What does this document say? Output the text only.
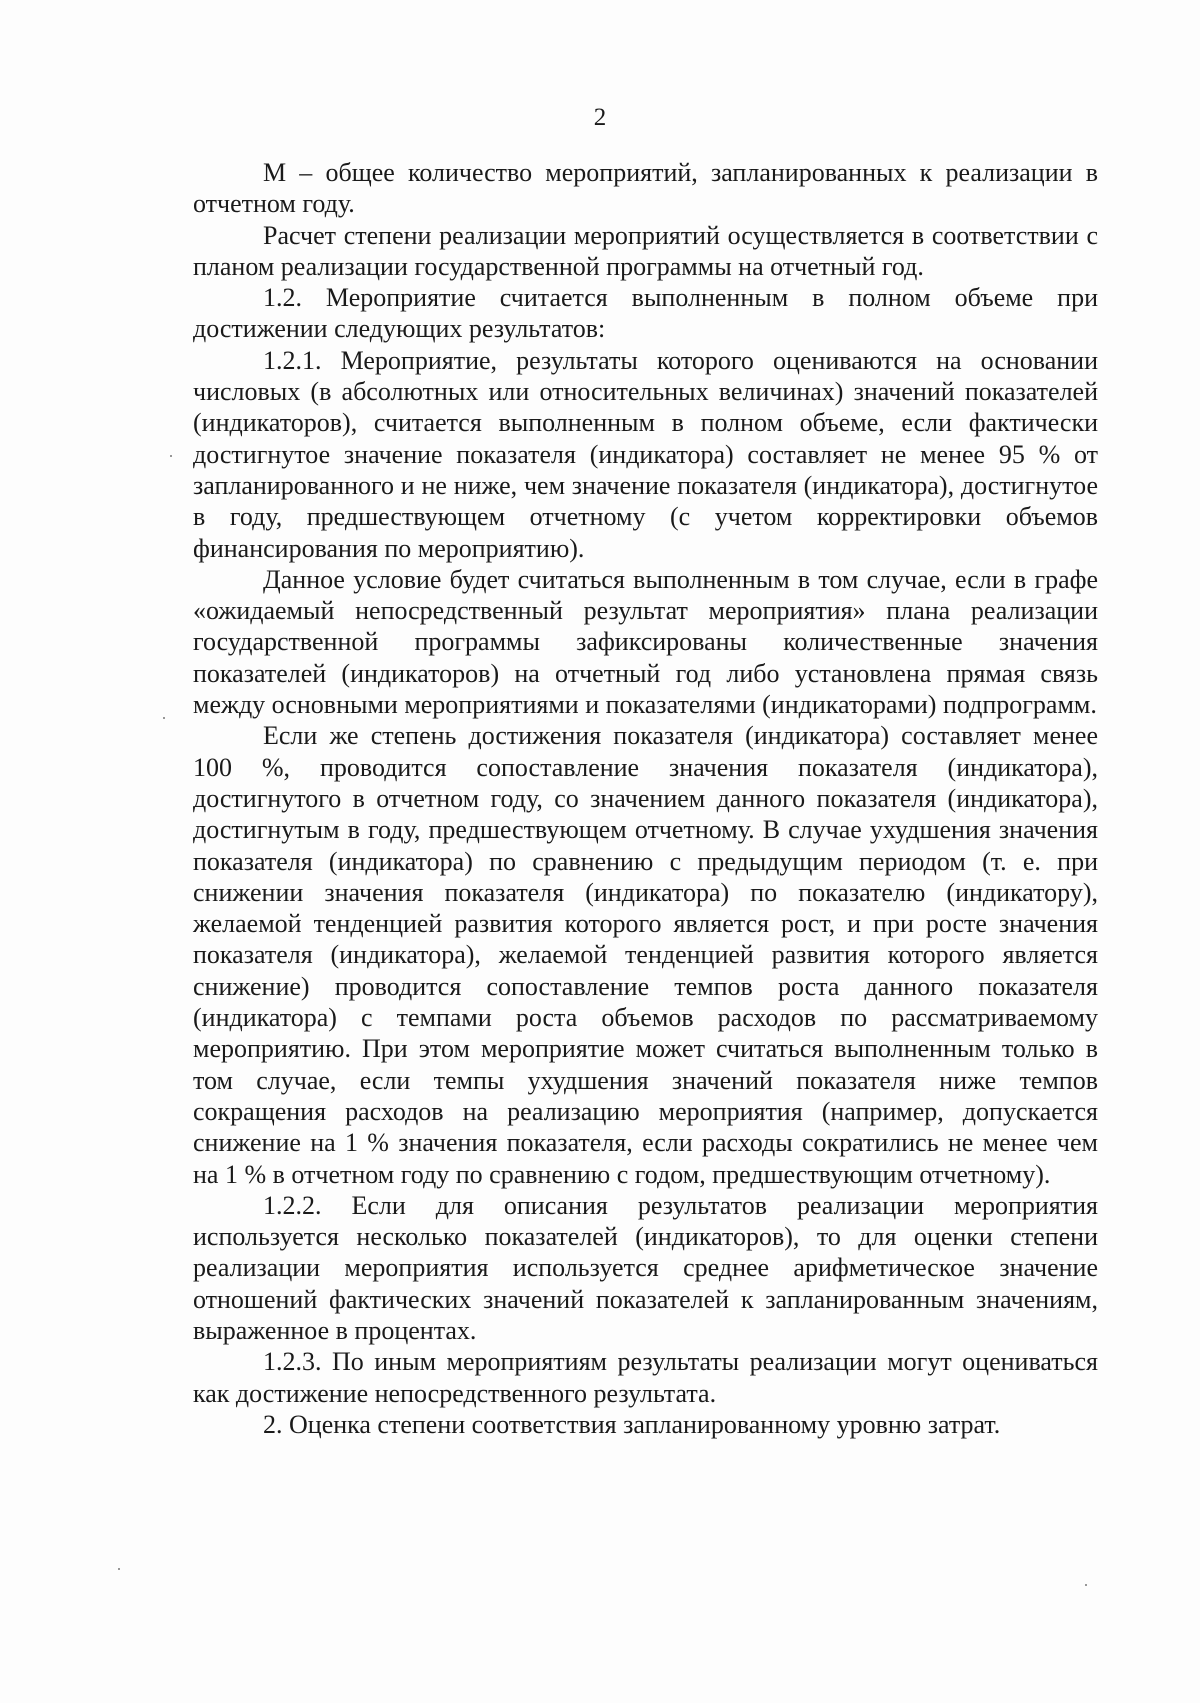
2

М – общее количество мероприятий, запланированных к реализации в отчетном году.

Расчет степени реализации мероприятий осуществляется в соответствии с планом реализации государственной программы на отчетный год.

1.2. Мероприятие считается выполненным в полном объеме при достижении следующих результатов:

1.2.1. Мероприятие, результаты которого оцениваются на основании числовых (в абсолютных или относительных величинах) значений показателей (индикаторов), считается выполненным в полном объеме, если фактически достигнутое значение показателя (индикатора) составляет не менее 95 % от запланированного и не ниже, чем значение показателя (индикатора), достигнутое в году, предшествующем отчетному (с учетом корректировки объемов финансирования по мероприятию).

Данное условие будет считаться выполненным в том случае, если в графе «ожидаемый непосредственный результат мероприятия» плана реализации государственной программы зафиксированы количественные значения показателей (индикаторов) на отчетный год либо установлена прямая связь между основными мероприятиями и показателями (индикаторами) подпрограмм.

Если же степень достижения показателя (индикатора) составляет менее 100 %, проводится сопоставление значения показателя (индикатора), достигнутого в отчетном году, со значением данного показателя (индикатора), достигнутым в году, предшествующем отчетному. В случае ухудшения значения показателя (индикатора) по сравнению с предыдущим периодом (т. е. при снижении значения показателя (индикатора) по показателю (индикатору), желаемой тенденцией развития которого является рост, и при росте значения показателя (индикатора), желаемой тенденцией развития которого является снижение) проводится сопоставление темпов роста данного показателя (индикатора) с темпами роста объемов расходов по рассматриваемому мероприятию. При этом мероприятие может считаться выполненным только в том случае, если темпы ухудшения значений показателя ниже темпов сокращения расходов на реализацию мероприятия (например, допускается снижение на 1 % значения показателя, если расходы сократились не менее чем на 1 % в отчетном году по сравнению с годом, предшествующим отчетному).

1.2.2. Если для описания результатов реализации мероприятия используется несколько показателей (индикаторов), то для оценки степени реализации мероприятия используется среднее арифметическое значение отношений фактических значений показателей к запланированным значениям, выраженное в процентах.

1.2.3. По иным мероприятиям результаты реализации могут оцениваться как достижение непосредственного результата.

2. Оценка степени соответствия запланированному уровню затрат.
